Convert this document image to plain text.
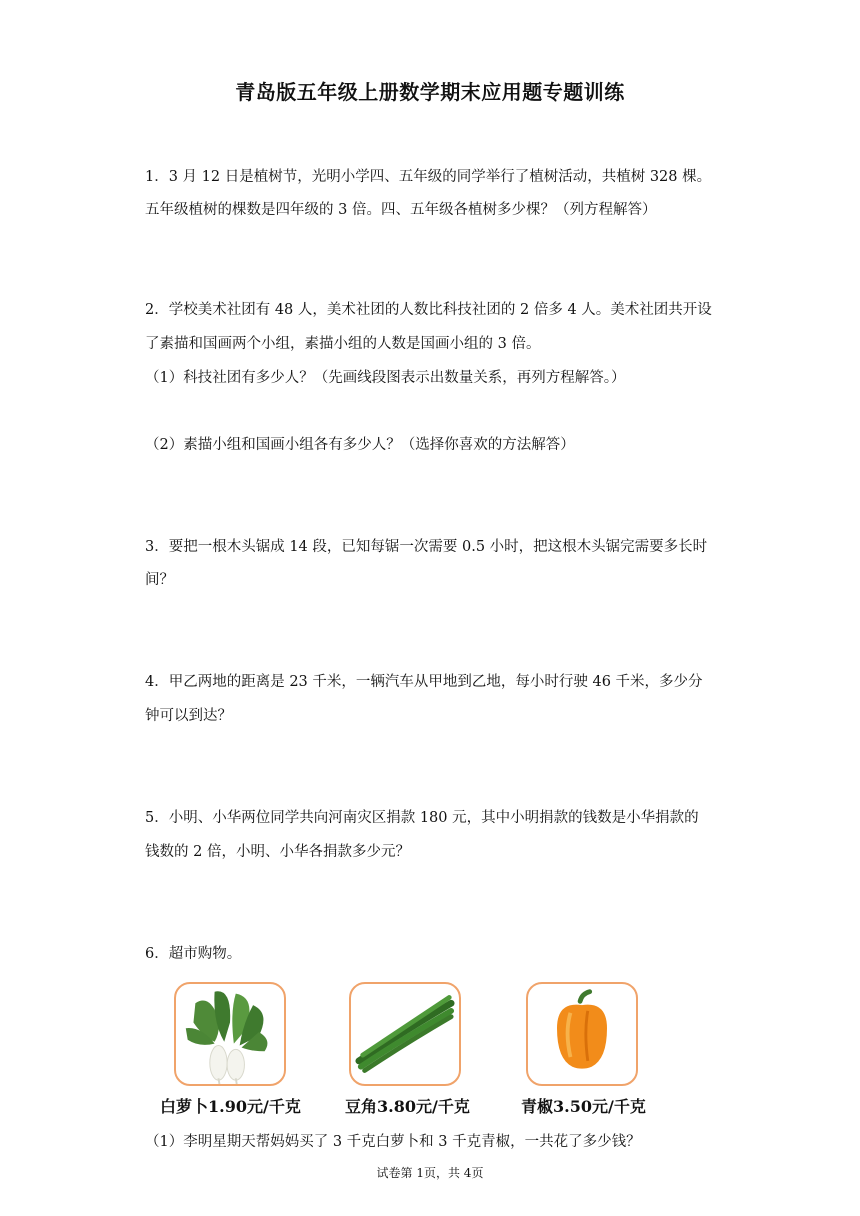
青岛版五年级上册数学期末应用题专题训练
1．3 月 12 日是植树节，光明小学四、五年级的同学举行了植树活动，共植树 328 棵。
五年级植树的棵数是四年级的 3 倍。四、五年级各植树多少棵？（列方程解答）
2．学校美术社团有 48 人，美术社团的人数比科技社团的 2 倍多 4 人。美术社团共开设
了素描和国画两个小组，素描小组的人数是国画小组的 3 倍。
（1）科技社团有多少人？（先画线段图表示出数量关系，再列方程解答。）
（2）素描小组和国画小组各有多少人？（选择你喜欢的方法解答）
3．要把一根木头锯成 14 段，已知每锯一次需要 0.5 小时，把这根木头锯完需要多长时
间？
4．甲乙两地的距离是 23 千米，一辆汽车从甲地到乙地，每小时行驶 46 千米，多少分
钟可以到达？
5．小明、小华两位同学共向河南灾区捐款 180 元，其中小明捐款的钱数是小华捐款的
钱数的 2 倍，小明、小华各捐款多少元？
6．超市购物。
白萝卜1.90元/千克	豆角3.80元/千克	青椒3.50元/千克
（1）李明星期天帮妈妈买了 3 千克白萝卜和 3 千克青椒，一共花了多少钱？
试卷第 1页，共 4页
